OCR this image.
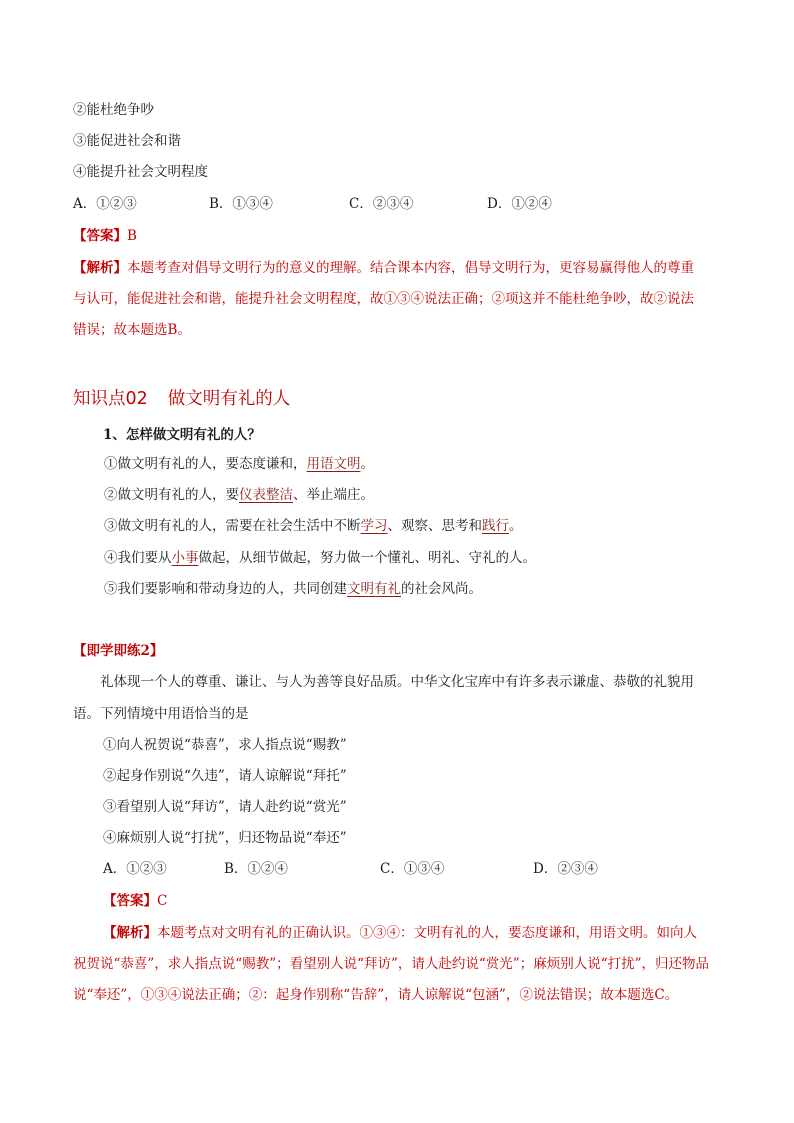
②能杜绝争吵
③能促进社会和谐
④能提升社会文明程度
A．①②③	B．①③④	C．②③④	D．①②④
【答案】B
【解析】本题考查对倡导文明行为的意义的理解。结合课本内容，倡导文明行为，更容易赢得他人的尊重
与认可，能促进社会和谐，能提升社会文明程度，故①③④说法正确；②项这并不能杜绝争吵，故②说法
错误；故本题选B。
知识点02 做文明有礼的人
1、怎样做文明有礼的人？
①做文明有礼的人，要态度谦和，用语文明。
②做文明有礼的人，要仪表整洁、举止端庄。
③做文明有礼的人，需要在社会生活中不断学习、观察、思考和践行。
④我们要从小事做起，从细节做起，努力做一个懂礼、明礼、守礼的人。
⑤我们要影响和带动身边的人，共同创建文明有礼的社会风尚。
【即学即练2】
礼体现一个人的尊重、谦让、与人为善等良好品质。中华文化宝库中有许多表示谦虚、恭敬的礼貌用
语。下列情境中用语恰当的是
①向人祝贺说“恭喜”，求人指点说“赐教”
②起身作别说“久违”，请人谅解说“拜托”
③看望别人说“拜访”，请人赴约说“赏光”
④麻烦别人说“打扰”，归还物品说“奉还”
A．①②③	B．①②④	C．①③④	D．②③④
【答案】C
【解析】本题考点对文明有礼的正确认识。①③④：文明有礼的人，要态度谦和，用语文明。如向人
祝贺说“恭喜”，求人指点说“赐教”；看望别人说“拜访”，请人赴约说“赏光”；麻烦别人说“打扰”，归还物品
说“奉还”，①③④说法正确；②：起身作别称“告辞”，请人谅解说“包涵”，②说法错误；故本题选C。
